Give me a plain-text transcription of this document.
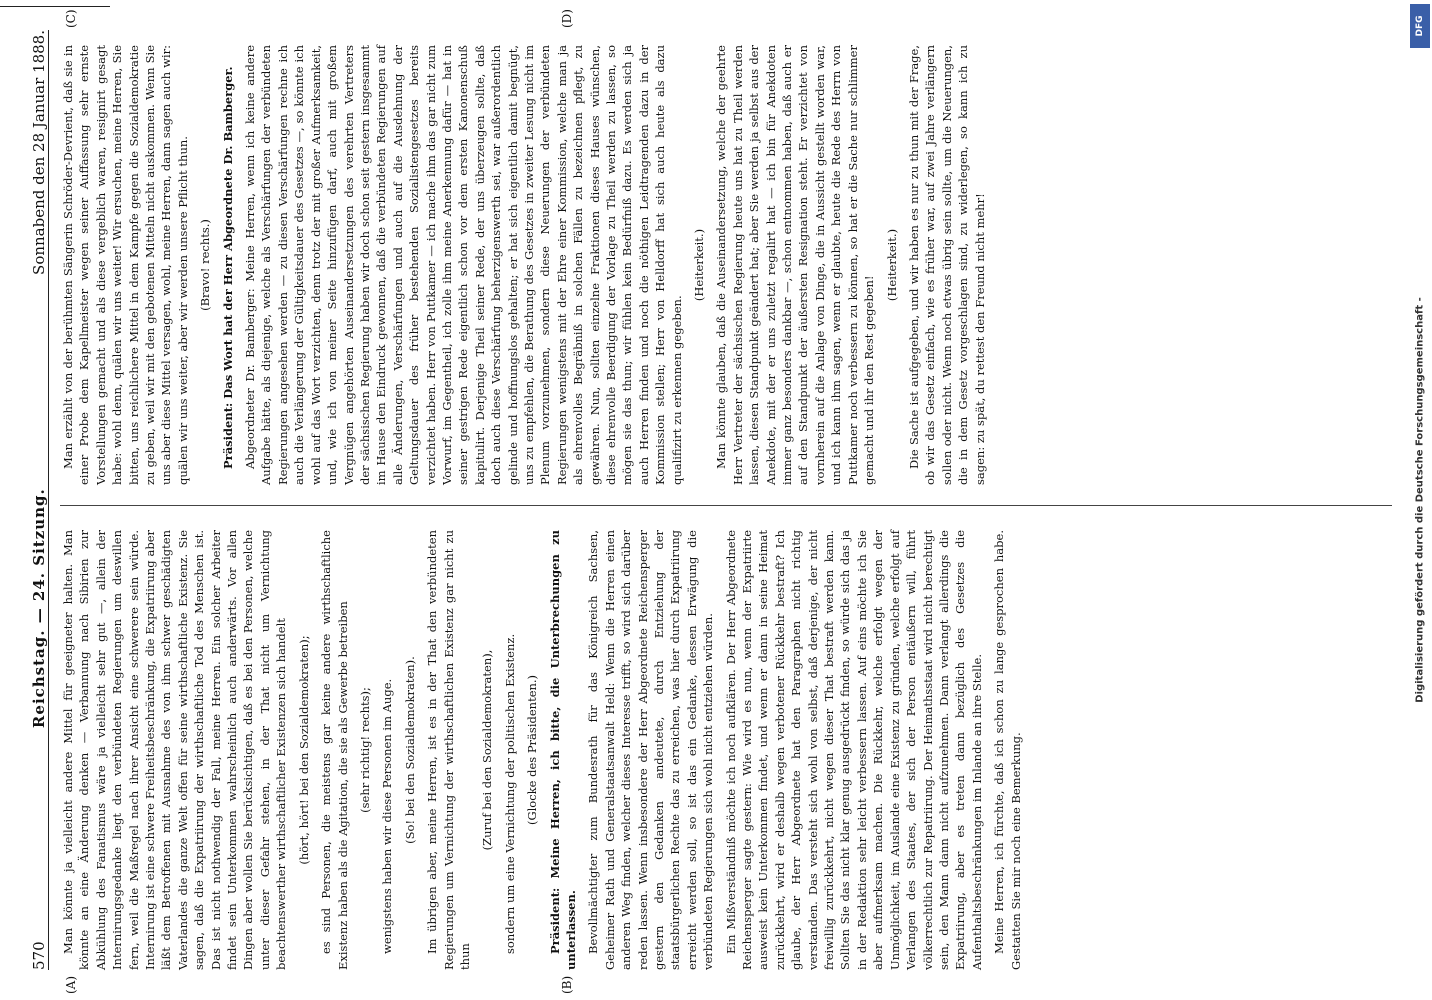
570
Reichstag. — 24. Sitzung.
Sonnabend den 28 Januar 1888.
(A)	(B)
(C)	(D)

Man könnte ja vielleicht andere Mittel für geeigneter halten. Man könnte an eine Änderung denken — Verbannung nach Sibirien zur Abkühlung des Fanatismus wäre ja vielleicht sehr gut —, allein der Internirungsgedanke liegt den verbündeten Regierungen um deswillen fern, weil die Maßregel nach ihrer Ansicht eine schwerere sein würde. Internirung ist eine schwere Freiheitsbeschränkung, die Expatriirung aber läßt dem Betroffenen mit Ausnahme des von ihm schwer geschädigten Vaterlandes die ganze Welt offen für seine wirthschaftliche Existenz. Sie sagen, daß die Expatriirung der wirthschaftliche Tod des Menschen ist. Das ist nicht nothwendig der Fall, meine Herren. Ein solcher Arbeiter findet sein Unterkommen wahrscheinlich auch anderwärts. Vor allen Dingen aber wollen Sie berücksichtigen, daß es bei den Personen, welche unter dieser Gefahr stehen, in der That nicht um Vernichtung beachtenswerther wirthschaftlicher Existenzen sich handelt (hört, hört! bei den Sozialdemokraten); es sind Personen, die meistens gar keine andere wirthschaftliche Existenz haben als die Agitation, die sie als Gewerbe betreiben (sehr richtig! rechts); wenigstens haben wir diese Personen im Auge. (So! bei den Sozialdemokraten). Im übrigen aber, meine Herren, ist es in der That den verbündeten Regierungen um Vernichtung der wirthschaftlichen Existenz gar nicht zu thun

(Zuruf bei den Sozialdemokraten), sondern um eine Vernichtung der politischen Existenz. (Glocke des Präsidenten.) Präsident: Meine Herren, ich bitte, die Unterbrechungen zu unterlassen. Bevollmächtigter zum Bundesrath für das Königreich Sachsen, Geheimer Rath und Generalstaatsanwalt Held: Wenn die Herren einen anderen Weg finden, welcher dieses Interesse trifft, so wird sich darüber reden lassen. Wenn insbesondere der Herr Abgeordnete Reichensperger gestern den Gedanken andeutete, durch Entziehung der staatsbürgerlichen Rechte das zu erreichen, was hier durch Expatriirung erreicht werden soll, so ist das ein Gedanke, dessen Erwägung die verbündeten Regierungen sich wohl nicht entziehen würden. Ein Mißverständniß möchte ich noch aufklären. Der Herr Abgeordnete Reichensperger sagte gestern: Wie wird es nun, wenn der Expatriirte ausweist kein Unterkommen findet, und wenn er dann in seine Heimat zurückkehrt, wird er deshalb wegen verbotener Rückkehr bestraft? Ich glaube, der Herr Abgeordnete hat den Paragraphen nicht richtig verstanden. Das versteht sich wohl von selbst, daß derjenige, der nicht freiwillig zurückkehrt, nicht wegen dieser That bestraft werden kann. Sollten Sie das nicht klar genug ausgedrückt finden, so würde sich das ja in der Redaktion sehr leicht verbessern lassen. Auf eins möchte ich Sie aber aufmerksam machen. Die Rückkehr, welche erfolgt wegen der Unmöglichkeit, im Auslande eine Existenz zu gründen, welche erfolgt auf Verlangen des Staates, der sich der Person entäußern will, führt völkerrechtlich zur Repatriirung. Der Heimathsstaat wird nicht berechtigt sein, den Mann dann nicht aufzunehmen. Dann verlangt allerdings die Expatriirung, aber es treten dann bezüglich des Gesetzes die Aufenthaltsbeschränkungen im Inlande an ihre Stelle. Meine Herren, ich fürchte, daß ich schon zu lange gesprochen habe. Gestatten Sie mir noch eine Bemerkung.

Man erzählt von der berühmten Sängerin Schröder-Devrient, daß sie in einer Probe dem Kapellmeister wegen seiner Auffassung sehr ernste Vorstellungen gemacht und als diese vergeblich waren, resignirt gesagt habe: wohl denn, quälen wir uns weiter! Wir ersuchen, meine Herren, Sie bitten, uns reichlichere Mittel in dem Kampfe gegen die Sozialdemokratie zu geben, weil wir mit den gebotenen Mitteln nicht auskommen. Wenn Sie uns aber diese Mittel versagen, wohl, meine Herren, dann sagen auch wir: quälen wir uns weiter, aber wir werden unsere Pflicht thun. (Bravo! rechts.) Präsident: Das Wort hat der Herr Abgeordnete Dr. Bamberger. Abgeordneter Dr. Bamberger: Meine Herren, wenn ich keine andere Aufgabe hätte, als diejenige, welche als Verschärfungen der verbündeten Regierungen angesehen werden — zu diesen Verschärfungen rechne ich auch die Verlängerung der Gültigkeitsdauer des Gesetzes —, so könnte ich wohl auf das Wort verzichten, denn trotz der mit großer Aufmerksamkeit, und, wie ich von meiner Seite hinzufügen darf, auch mit großem Vergnügen angehörten Auseinandersetzungen des verehrten Vertreters der sächsischen Regierung haben wir doch schon seit gestern insgesammt im Hause den Eindruck gewonnen, daß die verbündeten Regierungen auf alle Änderungen, Verschärfungen und auch auf die Ausdehnung der Geltungsdauer des früher bestehenden Sozialistengesetzes bereits verzichtet haben. Herr von Puttkamer — ich mache ihm das gar nicht zum Vorwurf, im Gegentheil, ich zolle ihm meine Anerkennung dafür — hat in seiner gestrigen Rede eigentlich schon vor dem ersten Kanonenschuß kapitulirt. Derjenige Theil seiner Rede, der uns überzeugen sollte, daß doch auch diese Verschärfung beherzigenswerth sei, war außerordentlich gelinde und hoffnungslos gehalten; er hat sich eigentlich damit begnügt, uns zu empfehlen, die Berathung des Gesetzes in zweiter Lesung nicht im Plenum vorzunehmen, sondern diese Neuerungen der verbündeten Regierungen wenigstens mit der Ehre einer Kommission, welche man ja als ehrenvolles Begräbniß in solchen Fällen zu bezeichnen pflegt, zu gewähren. Nun, sollten einzelne Fraktionen dieses Hauses wünschen, diese ehrenvolle Beerdigung der Vorlage zu Theil werden zu lassen, so mögen sie das thun; wir fühlen kein Bedürfniß dazu. Es werden sich ja auch Herren finden und noch die nöthigen Leidtragenden dazu in der Kommission stellen; Herr von Helldorff hat sich auch heute als dazu qualifizirt zu erkennen gegeben.

(Heiterkeit.) Man könnte glauben, daß die Auseinandersetzung, welche der geehrte Herr Vertreter der sächsischen Regierung heute uns hat zu Theil werden lassen, diesen Standpunkt geändert hat; aber Sie werden ja selbst aus der Anekdote, mit der er uns zuletzt regalirt hat — ich bin für Anekdoten immer ganz besonders dankbar —, schon entnommen haben, daß auch er auf den Standpunkt der äußersten Resignation steht. Er verzichtet von vornherein auf die Anlage von Dinge, die in Aussicht gestellt worden war, und ich kann ihm sagen, wenn er glaubte, heute die Rede des Herrn von Puttkamer noch verbessern zu können, so hat er die Sache nur schlimmer gemacht und ihr den Rest gegeben!

(Heiterkeit.) Die Sache ist aufgegeben, und wir haben es nur zu thun mit der Frage, ob wir das Gesetz einfach, wie es früher war, auf zwei Jahre verlängern sollen oder nicht. Wenn noch etwas übrig sein sollte, um die Neuerungen, die in dem Gesetz vorgeschlagen sind, zu widerlegen, so kann ich zu sagen: zu spät, du rettest den Freund nicht mehr!

DFG
Digitalisierung gefördert durch die Deutsche Forschungsgemeinschaft -
